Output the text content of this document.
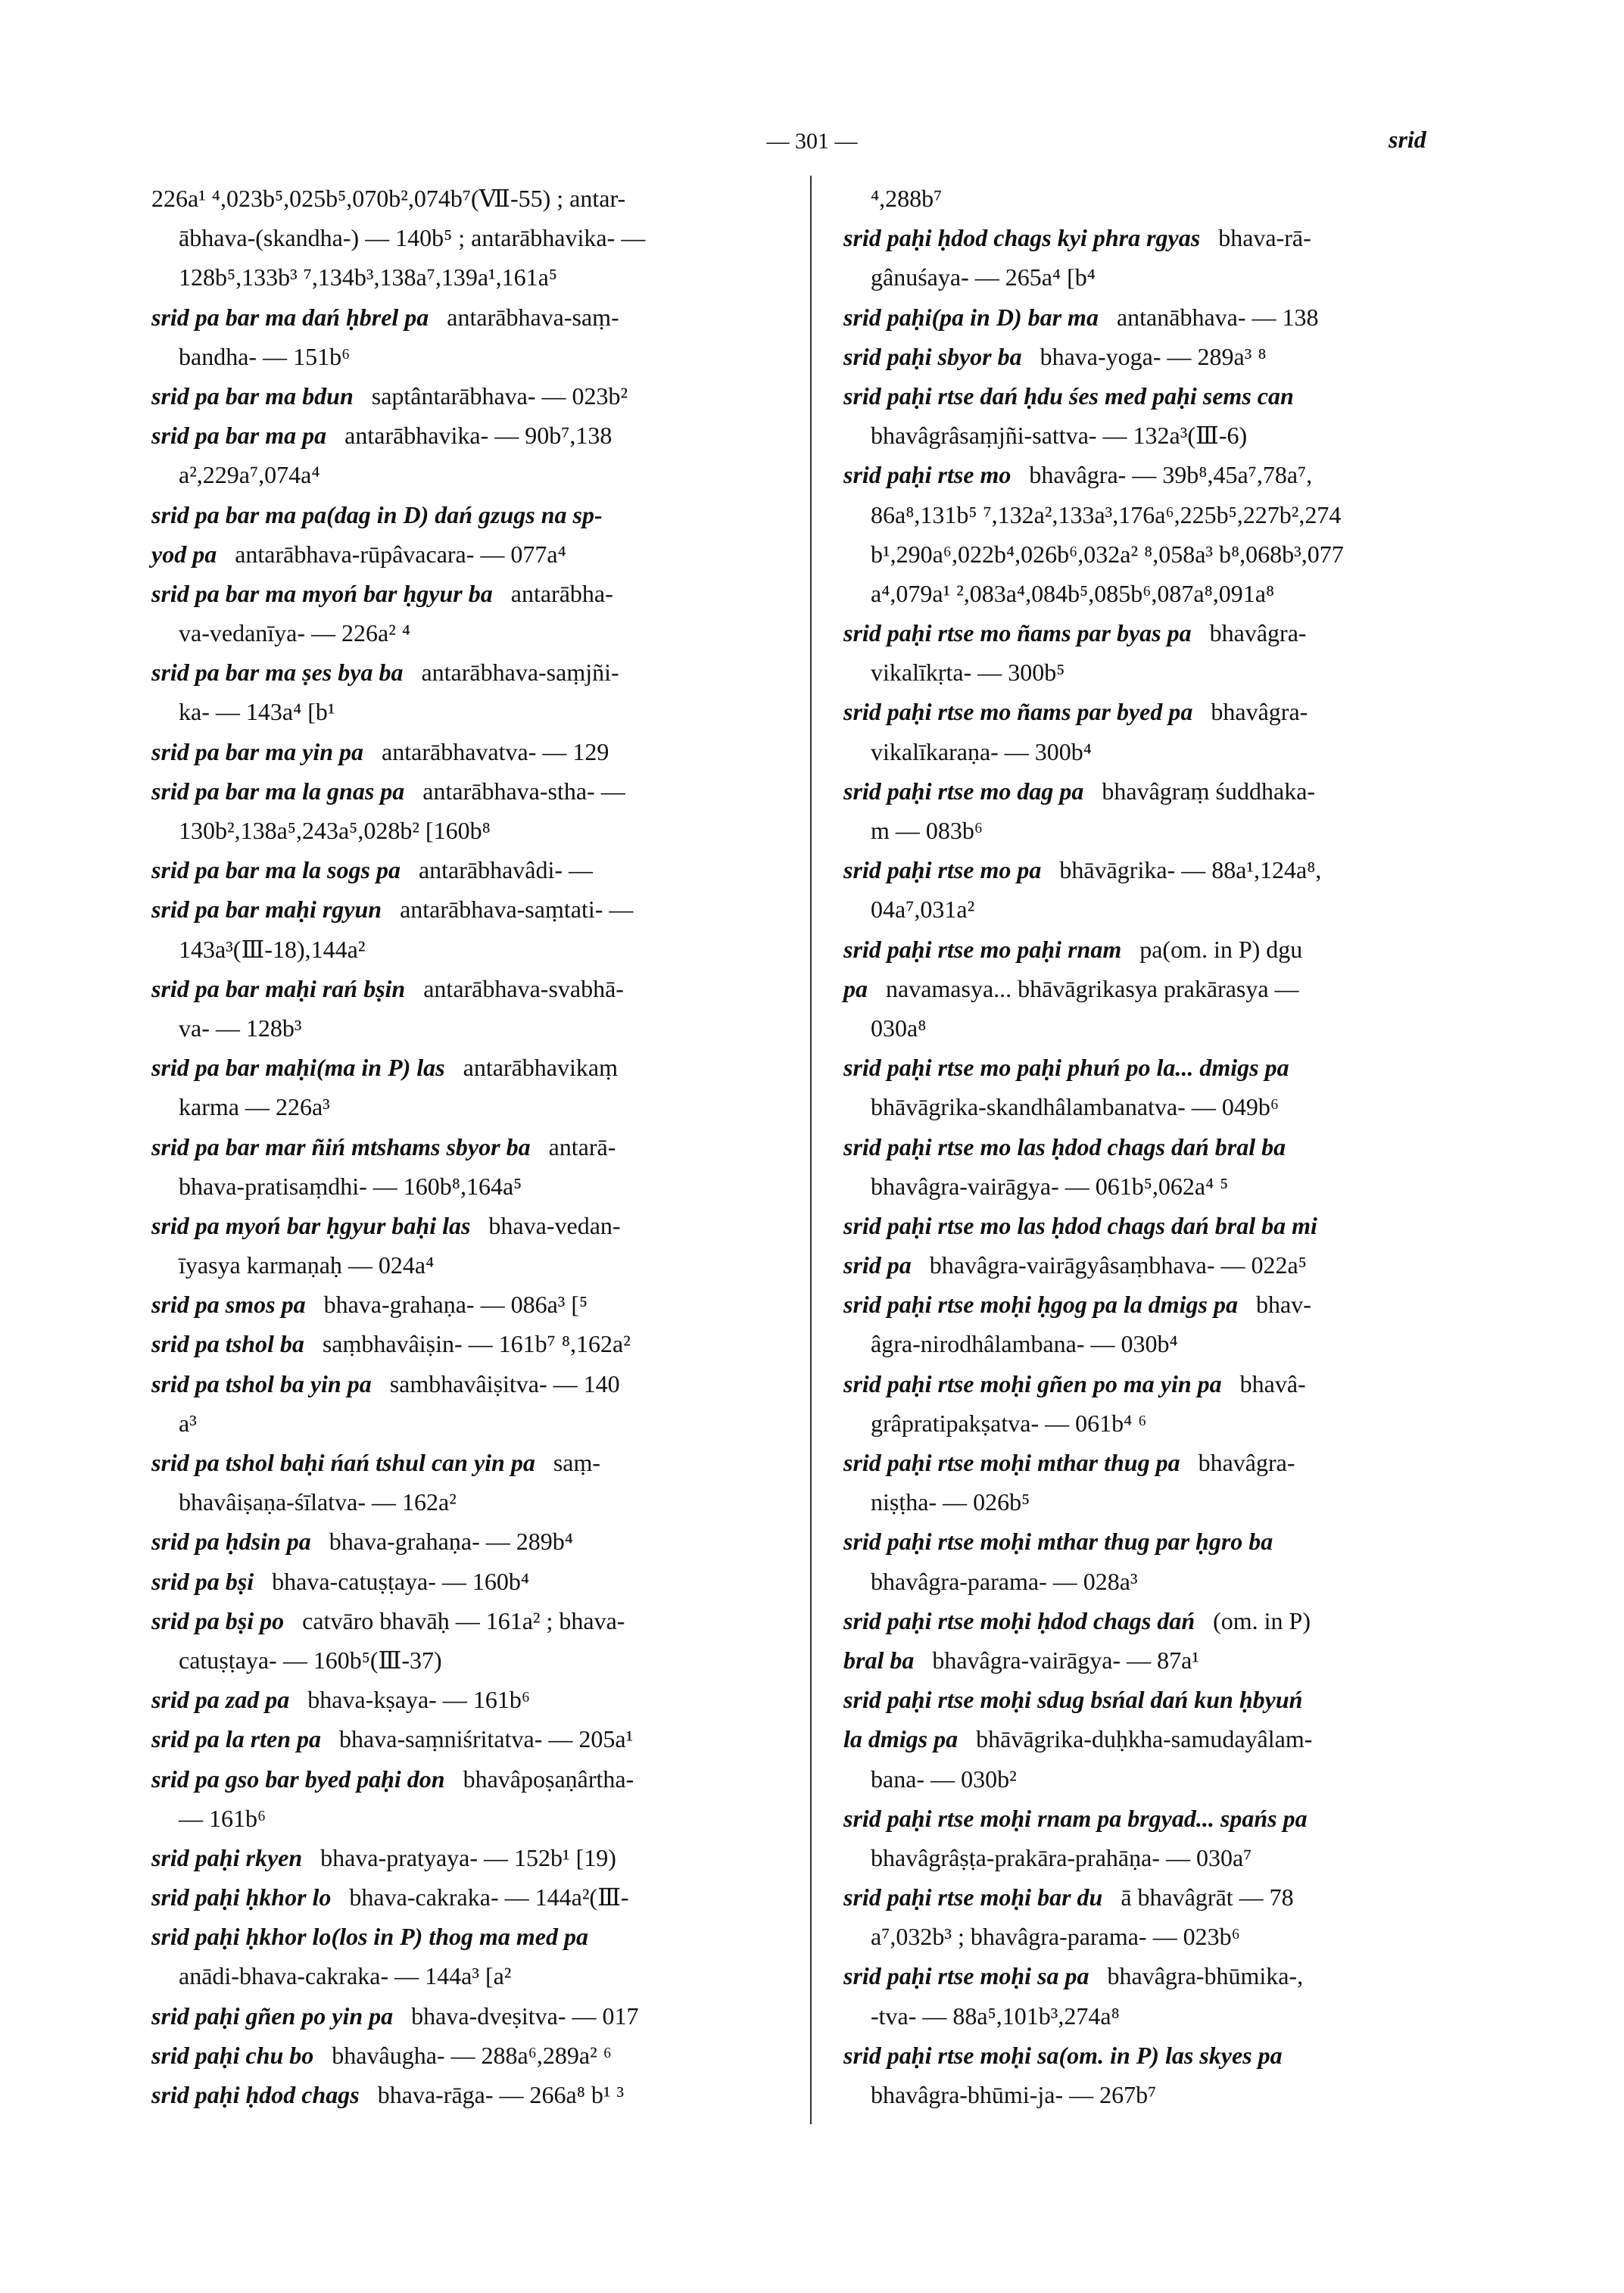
— 301 —	srid
226a¹ ⁴,023b⁵,025b⁵,070b²,074b⁷(Ⅶ-55) ; antar-
ābhava-(skandha-) — 140b⁵ ; antarābhavika- —
128b⁵,133b³ ⁷,134b³,138a⁷,139a¹,161a⁵
srid pa bar ma dań ḥbrel pa antarābhava-saṃ-
bandha- — 151b⁶
srid pa bar ma bdun saptântarābhava- — 023b²
srid pa bar ma pa antarābhavika- — 90b⁷,138
a²,229a⁷,074a⁴
srid pa bar ma pa(dag in D) dań gzugs na sp-
yod pa antarābhava-rūpâvacara- — 077a⁴
srid pa bar ma myoń bar ḥgyur ba antarābha-
va-vedanīya- — 226a² ⁴
srid pa bar ma ṣes bya ba antarābhava-saṃjñi-
ka- — 143a⁴ [b¹
srid pa bar ma yin pa antarābhavatva- — 129
srid pa bar ma la gnas pa antarābhava-stha- —
130b²,138a⁵,243a⁵,028b² [160b⁸
srid pa bar ma la sogs pa antarābhavâdi- —
srid pa bar maḥi rgyun antarābhava-saṃtati- —
143a³(Ⅲ-18),144a²
srid pa bar maḥi rań bṣin antarābhava-svabhā-
va- — 128b³
srid pa bar maḥi(ma in P) las antarābhavikaṃ
karma — 226a³
srid pa bar mar ñiń mtshams sbyor ba antarā-
bhava-pratisaṃdhi- — 160b⁸,164a⁵
srid pa myoń bar ḥgyur baḥi las bhava-vedan-
īyasya karmaṇaḥ — 024a⁴
srid pa smos pa bhava-grahaṇa- — 086a³ [⁵
srid pa tshol ba saṃbhavâiṣin- — 161b⁷ ⁸,162a²
srid pa tshol ba yin pa sambhavâiṣitva- — 140
a³
srid pa tshol baḥi ńań tshul can yin pa saṃ-
bhavâiṣaṇa-śīlatva- — 162a²
srid pa ḥdsin pa bhava-grahaṇa- — 289b⁴
srid pa bṣi bhava-catuṣṭaya- — 160b⁴
srid pa bṣi po catvāro bhavāḥ — 161a² ; bhava-
catuṣṭaya- — 160b⁵(Ⅲ-37)
srid pa zad pa bhava-kṣaya- — 161b⁶
srid pa la rten pa bhava-saṃniśritatva- — 205a¹
srid pa gso bar byed paḥi don bhavâpoṣaṇârtha-
— 161b⁶
srid paḥi rkyen bhava-pratyaya- — 152b¹ [19)
srid paḥi ḥkhor lo bhava-cakraka- — 144a²(Ⅲ-
srid paḥi ḥkhor lo(los in P) thog ma med pa
anādi-bhava-cakraka- — 144a³ [a²
srid paḥi gñen po yin pa bhava-dveṣitva- — 017
srid paḥi chu bo bhavâugha- — 288a⁶,289a² ⁶
srid paḥi ḥdod chags bhava-rāga- — 266a⁸ b¹ ³
⁴,288b⁷
srid paḥi ḥdod chags kyi phra rgyas bhava-rā-
gânuśaya- — 265a⁴ [b⁴
srid paḥi(pa in D) bar ma antanābhava- — 138
srid paḥi sbyor ba bhava-yoga- — 289a³ ⁸
srid paḥi rtse dań ḥdu śes med paḥi sems can
bhavâgrâsaṃjñi-sattva- — 132a³(Ⅲ-6)
srid paḥi rtse mo bhavâgra- — 39b⁸,45a⁷,78a⁷,
86a⁸,131b⁵ ⁷,132a²,133a³,176a⁶,225b⁵,227b²,274
b¹,290a⁶,022b⁴,026b⁶,032a² ⁸,058a³ b⁸,068b³,077
a⁴,079a¹ ²,083a⁴,084b⁵,085b⁶,087a⁸,091a⁸
srid paḥi rtse mo ñams par byas pa bhavâgra-
vikalīkṛta- — 300b⁵
srid paḥi rtse mo ñams par byed pa bhavâgra-
vikalīkaraṇa- — 300b⁴
srid paḥi rtse mo dag pa bhavâgraṃ śuddhaka-
m — 083b⁶
srid paḥi rtse mo pa bhāvāgrika- — 88a¹,124a⁸,
04a⁷,031a²
srid paḥi rtse mo paḥi rnam pa(om. in P) dgu
pa navamasya... bhāvāgrikasya prakārasya —
030a⁸
srid paḥi rtse mo paḥi phuń po la... dmigs pa
bhāvāgrika-skandhâlambanatva- — 049b⁶
srid paḥi rtse mo las ḥdod chags dań bral ba
bhavâgra-vairāgya- — 061b⁵,062a⁴ ⁵
srid paḥi rtse mo las ḥdod chags dań bral ba mi
srid pa bhavâgra-vairāgyâsaṃbhava- — 022a⁵
srid paḥi rtse moḥi ḥgog pa la dmigs pa bhav-
âgra-nirodhâlambana- — 030b⁴
srid paḥi rtse moḥi gñen po ma yin pa bhavâ-
grâpratipakṣatva- — 061b⁴ ⁶
srid paḥi rtse moḥi mthar thug pa bhavâgra-
niṣṭha- — 026b⁵
srid paḥi rtse moḥi mthar thug par ḥgro ba
bhavâgra-parama- — 028a³
srid paḥi rtse moḥi ḥdod chags dań (om. in P)
bral ba bhavâgra-vairāgya- — 87a¹
srid paḥi rtse moḥi sdug bsńal dań kun ḥbyuń
la dmigs pa bhāvāgrika-duḥkha-samudayâlam-
bana- — 030b²
srid paḥi rtse moḥi rnam pa brgyad... spańs pa
bhavâgrâṣṭa-prakāra-prahāṇa- — 030a⁷
srid paḥi rtse moḥi bar du ā bhavâgrāt — 78
a⁷,032b³ ; bhavâgra-parama- — 023b⁶
srid paḥi rtse moḥi sa pa bhavâgra-bhūmika-,
-tva- — 88a⁵,101b³,274a⁸
srid paḥi rtse moḥi sa(om. in P) las skyes pa
bhavâgra-bhūmi-ja- — 267b⁷
